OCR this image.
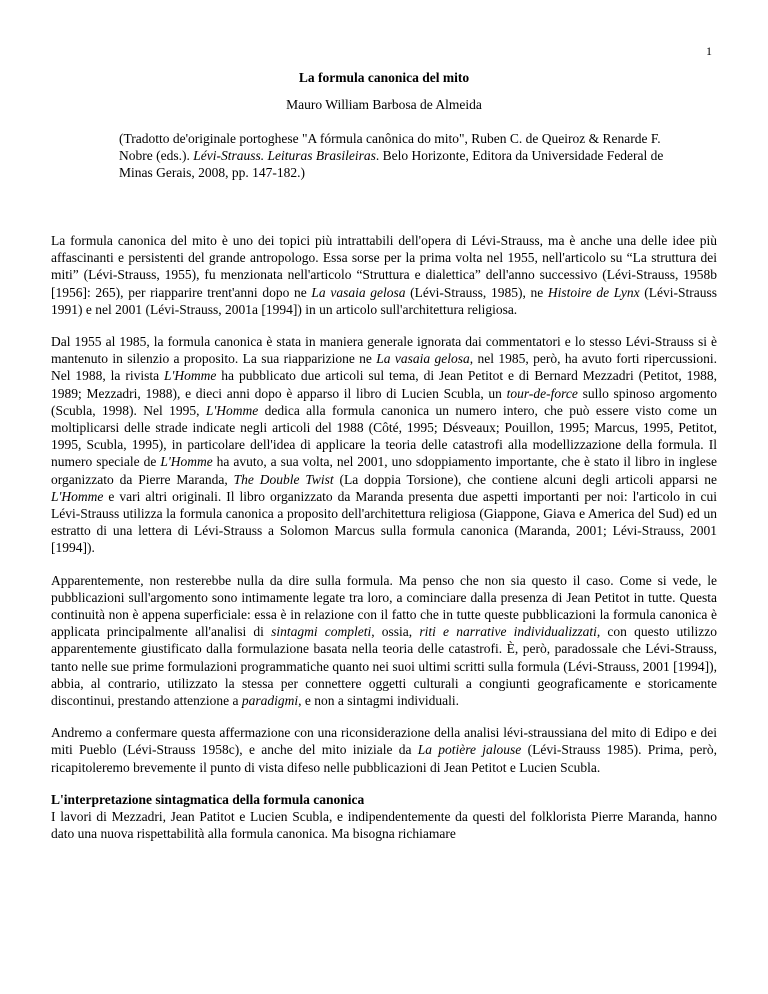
1
La formula canonica del mito
Mauro William Barbosa de Almeida
(Tradotto de'originale portoghese "A fórmula canônica do mito", Ruben C. de Queiroz & Renarde F. Nobre (eds.). Lévi-Strauss. Leituras Brasileiras. Belo Horizonte, Editora da Universidade Federal de Minas Gerais, 2008, pp. 147-182.)

La formula canonica del mito è uno dei topici più intrattabili dell'opera di Lévi-Strauss, ma è anche una delle idee più affascinanti e persistenti del grande antropologo. Essa sorse per la prima volta nel 1955, nell'articolo su “La struttura dei miti” (Lévi-Strauss, 1955), fu menzionata nell'articolo “Struttura e dialettica” dell'anno successivo (Lévi-Strauss, 1958b [1956]: 265), per riapparire trent'anni dopo ne La vasaia gelosa (Lévi-Strauss, 1985), ne Histoire de Lynx (Lévi-Strauss 1991) e nel 2001 (Lévi-Strauss, 2001a [1994]) in un articolo sull'architettura religiosa.

Dal 1955 al 1985, la formula canonica è stata in maniera generale ignorata dai commentatori e lo stesso Lévi-Strauss si è mantenuto in silenzio a proposito. La sua riapparizione ne La vasaia gelosa, nel 1985, però, ha avuto forti ripercussioni. Nel 1988, la rivista L'Homme ha pubblicato due articoli sul tema, di Jean Petitot e di Bernard Mezzadri (Petitot, 1988, 1989; Mezzadri, 1988), e dieci anni dopo è apparso il libro di Lucien Scubla, un tour-de-force sullo spinoso argomento (Scubla, 1998). Nel 1995, L'Homme dedica alla formula canonica un numero intero, che può essere visto come un moltiplicarsi delle strade indicate negli articoli del 1988 (Côté, 1995; Désveaux; Pouillon, 1995; Marcus, 1995, Petitot, 1995, Scubla, 1995), in particolare dell'idea di applicare la teoria delle catastrofi alla modellizzazione della formula. Il numero speciale de L'Homme ha avuto, a sua volta, nel 2001, uno sdoppiamento importante, che è stato il libro in inglese organizzato da Pierre Maranda, The Double Twist (La doppia Torsione), che contiene alcuni degli articoli apparsi ne L'Homme e vari altri originali. Il libro organizzato da Maranda presenta due aspetti importanti per noi: l'articolo in cui Lévi-Strauss utilizza la formula canonica a proposito dell'architettura religiosa (Giappone, Giava e America del Sud) ed un estratto di una lettera di Lévi-Strauss a Solomon Marcus sulla formula canonica (Maranda, 2001; Lévi-Strauss, 2001 [1994]).

Apparentemente, non resterebbe nulla da dire sulla formula. Ma penso che non sia questo il caso. Come si vede, le pubblicazioni sull'argomento sono intimamente legate tra loro, a cominciare dalla presenza di Jean Petitot in tutte. Questa continuità non è appena superficiale: essa è in relazione con il fatto che in tutte queste pubblicazioni la formula canonica è applicata principalmente all'analisi di sintagmi completi, ossia, riti e narrative individualizzati, con questo utilizzo apparentemente giustificato dalla formulazione basata nella teoria delle catastrofi. È, però, paradossale che Lévi-Strauss, tanto nelle sue prime formulazioni programmatiche quanto nei suoi ultimi scritti sulla formula (Lévi-Strauss, 2001 [1994]), abbia, al contrario, utilizzato la stessa per connettere oggetti culturali a congiunti geograficamente e storicamente discontinui, prestando attenzione a paradigmi, e non a sintagmi individuali.

Andremo a confermare questa affermazione con una riconsiderazione della analisi lévi-straussiana del mito di Edipo e dei miti Pueblo (Lévi-Strauss 1958c), e anche del mito iniziale da La potière jalouse (Lévi-Strauss 1985). Prima, però, ricapitoleremo brevemente il punto di vista difeso nelle pubblicazioni di Jean Petitot e Lucien Scubla.

L'interpretazione sintagmatica della formula canonica
I lavori di Mezzadri, Jean Patitot e Lucien Scubla, e indipendentemente da questi del folklorista Pierre Maranda, hanno dato una nuova rispettabilità alla formula canonica. Ma bisogna richiamare
